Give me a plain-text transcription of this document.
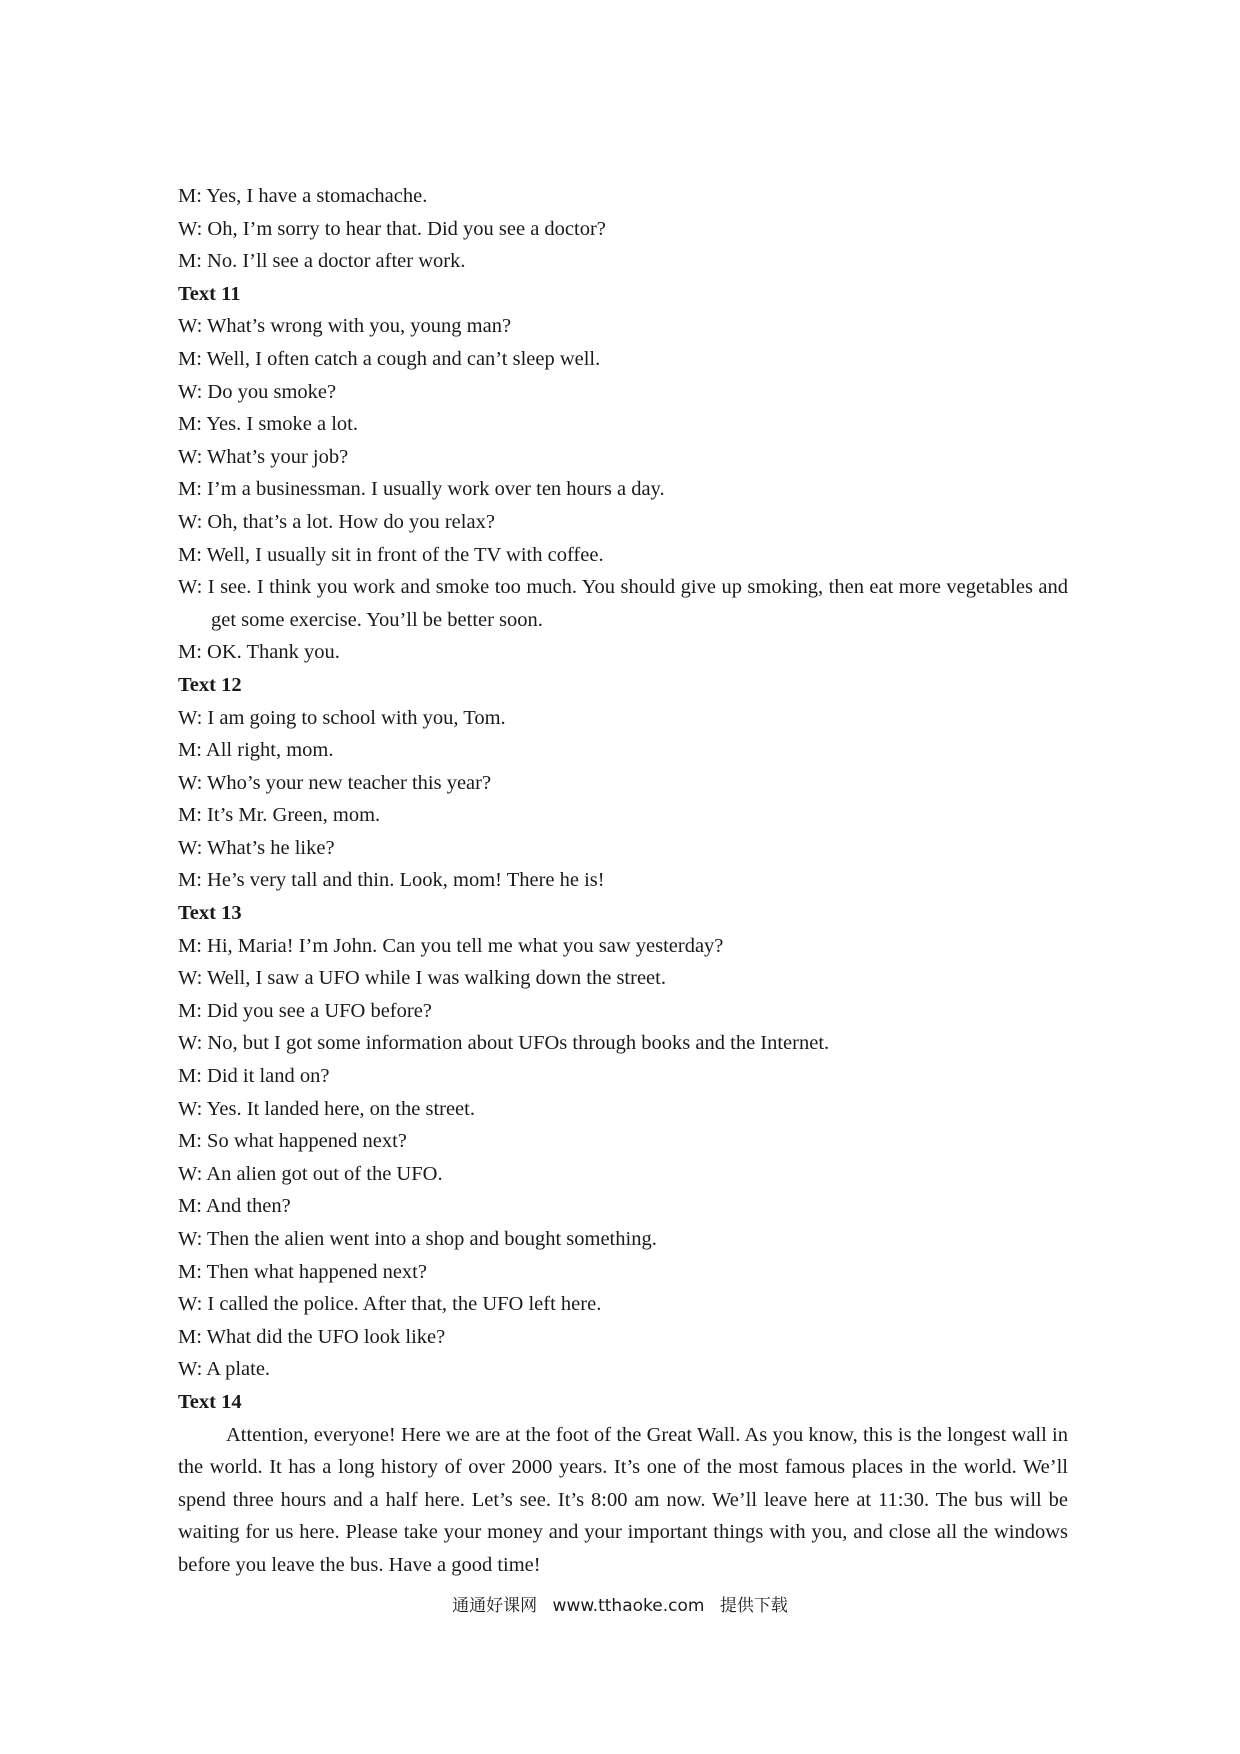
M: Yes, I have a stomachache.
W: Oh, I’m sorry to hear that. Did you see a doctor?
M: No. I’ll see a doctor after work.
Text 11
W: What’s wrong with you, young man?
M: Well, I often catch a cough and can’t sleep well.
W: Do you smoke?
M: Yes. I smoke a lot.
W: What’s your job?
M: I’m a businessman. I usually work over ten hours a day.
W: Oh, that’s a lot. How do you relax?
M: Well, I usually sit in front of the TV with coffee.
W: I see. I think you work and smoke too much. You should give up smoking, then eat more vegetables and get some exercise. You’ll be better soon.
M: OK. Thank you.
Text 12
W: I am going to school with you, Tom.
M: All right, mom.
W: Who’s your new teacher this year?
M: It’s Mr. Green, mom.
W: What’s he like?
M: He’s very tall and thin. Look, mom! There he is!
Text 13
M: Hi, Maria! I’m John. Can you tell me what you saw yesterday?
W: Well, I saw a UFO while I was walking down the street.
M: Did you see a UFO before?
W: No, but I got some information about UFOs through books and the Internet.
M: Did it land on?
W: Yes. It landed here, on the street.
M: So what happened next?
W: An alien got out of the UFO.
M: And then?
W: Then the alien went into a shop and bought something.
M: Then what happened next?
W: I called the police. After that, the UFO left here.
M: What did the UFO look like?
W: A plate.
Text 14
Attention, everyone! Here we are at the foot of the Great Wall. As you know, this is the longest wall in the world. It has a long history of over 2000 years. It’s one of the most famous places in the world. We’ll spend three hours and a half here. Let’s see. It’s 8:00 am now. We’ll leave here at 11:30. The bus will be waiting for us here. Please take your money and your important things with you, and close all the windows before you leave the bus. Have a good time!
通通好课网 www.tthaoke.com 提供下载
